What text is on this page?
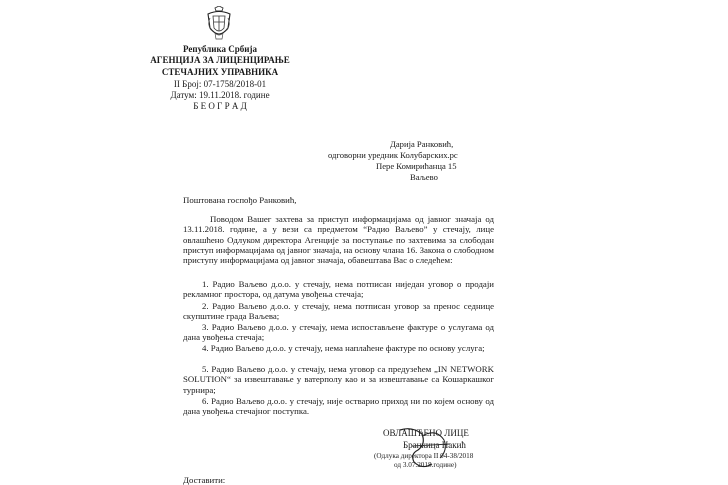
Република Србија
АГЕНЦИЈА ЗА ЛИЦЕНЦИРАЊЕ
СТЕЧАЈНИХ УПРАВНИКА
II Број: 07-1758/2018-01
Датум: 19.11.2018. године
Б Е О Г Р А Д
Дарија Ранковић,
одговорни уредник Колубарских.рс
Пере Комирићанца 15
Ваљево
Поштована госпођо Ранковић,
Поводом Вашег захтева за приступ информацијама од јавног значаја од 13.11.2018. године, а у вези са предметом “Радио Ваљево” у стечају, лице овлашћено Одлуком директора Агенције за поступање по захтевима за слободан приступ информацијама од јавног значаја, на основу члана 16. Закона о слободном приступу информацијама од јавног значаја, обавештава Вас о следећем:
1. Радио Ваљево д.о.о. у стечају, нема потписан ниједан уговор о продаји рекламног простора, од датума увођења стечаја;
2. Радио Ваљево д.о.о. у стечају, нема потписан уговор за пренос седнице скупштине града Ваљева;
3. Радио Ваљево д.о.о. у стечају, нема испостављене фактуре о услугама од дана увођења стечаја;
4. Радио Ваљево д.о.о. у стечају, нема наплаћене фактуре по основу услуга;
5. Радио Ваљево д.о.о. у стечају, нема уговор са предузећем „IN NETWORK SOLUTION“ за извештавање у ватерполу као и за извештавање са Кошаркашког турнира;
6. Радио Ваљево д.о.о. у стечају, није остварио приход ни по којем основу од дана увођења стечајног поступка.
ОВЛАШЋЕНО ЛИЦЕ
Бранкица Накић
(Одлука директора II 04-38/2018
од 3.07.2018.године)
Доставити:
